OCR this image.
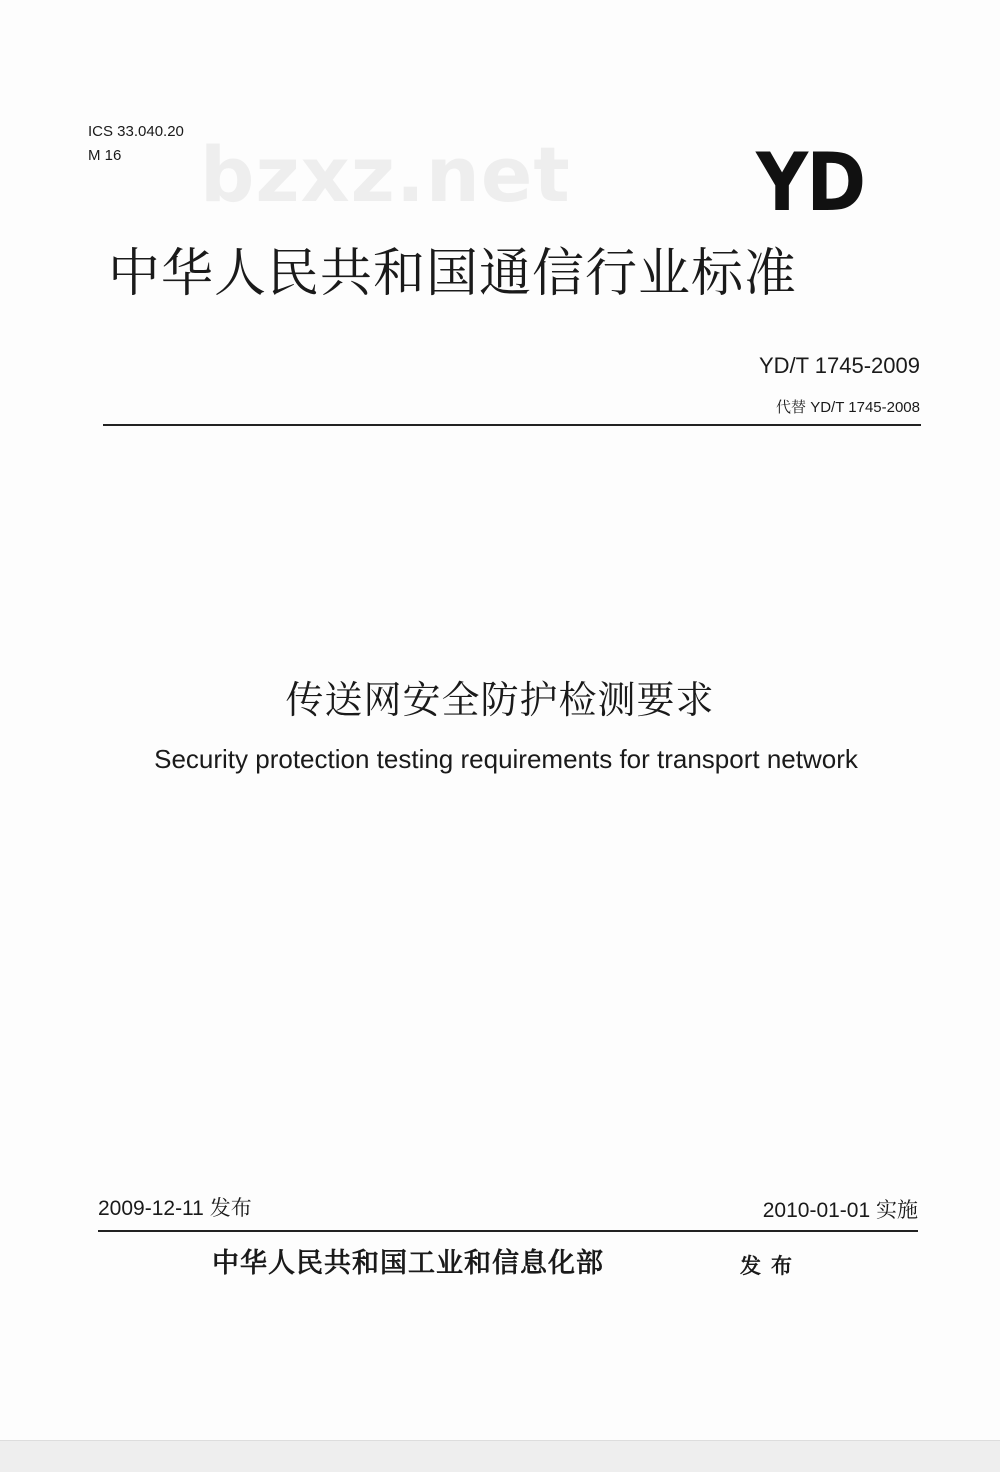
ICS 33.040.20
M 16	bzxz.net YD
中华人民共和国通信行业标准
YD/T 1745-2009
代替 YD/T 1745-2008
传送网安全防护检测要求
Security protection testing requirements for transport network
2009-12-11 发布	2010-01-01 实施
中华人民共和国工业和信息化部	发布
